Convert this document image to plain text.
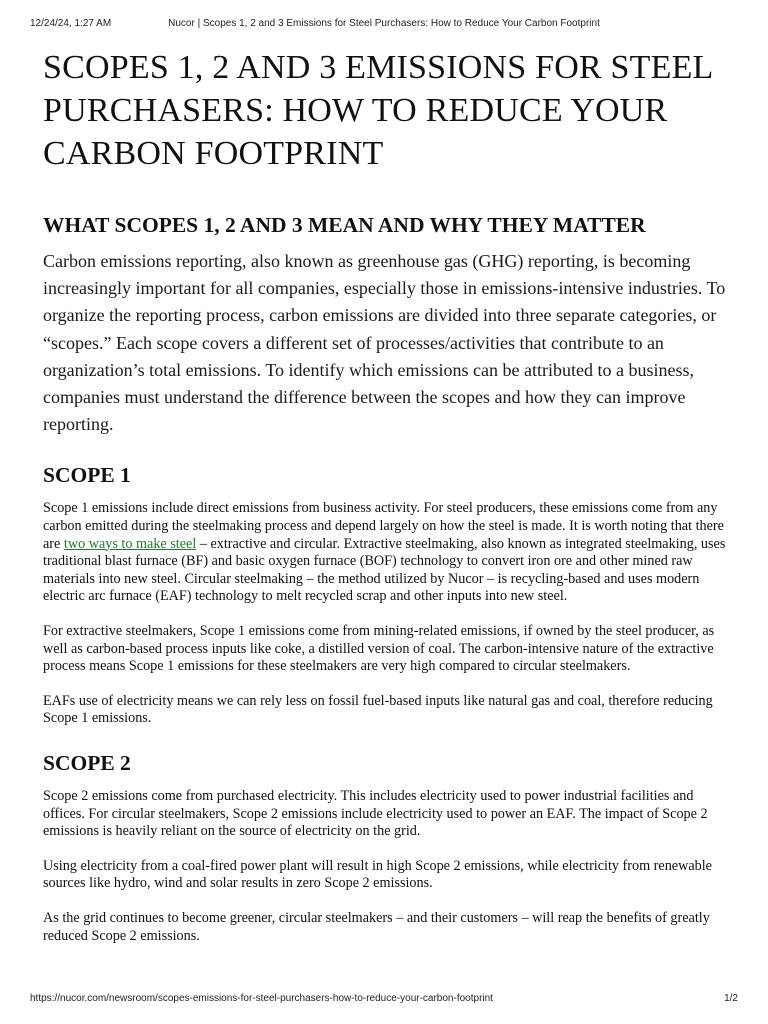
12/24/24, 1:27 AM	Nucor | Scopes 1, 2 and 3 Emissions for Steel Purchasers: How to Reduce Your Carbon Footprint
SCOPES 1, 2 AND 3 EMISSIONS FOR STEEL PURCHASERS: HOW TO REDUCE YOUR CARBON FOOTPRINT
WHAT SCOPES 1, 2 AND 3 MEAN AND WHY THEY MATTER

Carbon emissions reporting, also known as greenhouse gas (GHG) reporting, is becoming increasingly important for all companies, especially those in emissions-intensive industries. To organize the reporting process, carbon emissions are divided into three separate categories, or “scopes.” Each scope covers a different set of processes/activities that contribute to an organization’s total emissions. To identify which emissions can be attributed to a business, companies must understand the difference between the scopes and how they can improve reporting.

SCOPE 1

Scope 1 emissions include direct emissions from business activity. For steel producers, these emissions come from any carbon emitted during the steelmaking process and depend largely on how the steel is made. It is worth noting that there are two ways to make steel – extractive and circular. Extractive steelmaking, also known as integrated steelmaking, uses traditional blast furnace (BF) and basic oxygen furnace (BOF) technology to convert iron ore and other mined raw materials into new steel. Circular steelmaking – the method utilized by Nucor – is recycling-based and uses modern electric arc furnace (EAF) technology to melt recycled scrap and other inputs into new steel.

For extractive steelmakers, Scope 1 emissions come from mining-related emissions, if owned by the steel producer, as well as carbon-based process inputs like coke, a distilled version of coal. The carbon-intensive nature of the extractive process means Scope 1 emissions for these steelmakers are very high compared to circular steelmakers.

EAFs use of electricity means we can rely less on fossil fuel-based inputs like natural gas and coal, therefore reducing Scope 1 emissions.

SCOPE 2

Scope 2 emissions come from purchased electricity. This includes electricity used to power industrial facilities and offices. For circular steelmakers, Scope 2 emissions include electricity used to power an EAF. The impact of Scope 2 emissions is heavily reliant on the source of electricity on the grid.

Using electricity from a coal-fired power plant will result in high Scope 2 emissions, while electricity from renewable sources like hydro, wind and solar results in zero Scope 2 emissions.

As the grid continues to become greener, circular steelmakers – and their customers – will reap the benefits of greatly reduced Scope 2 emissions.

https://nucor.com/newsroom/scopes-emissions-for-steel-purchasers-how-to-reduce-your-carbon-footprint	1/2
